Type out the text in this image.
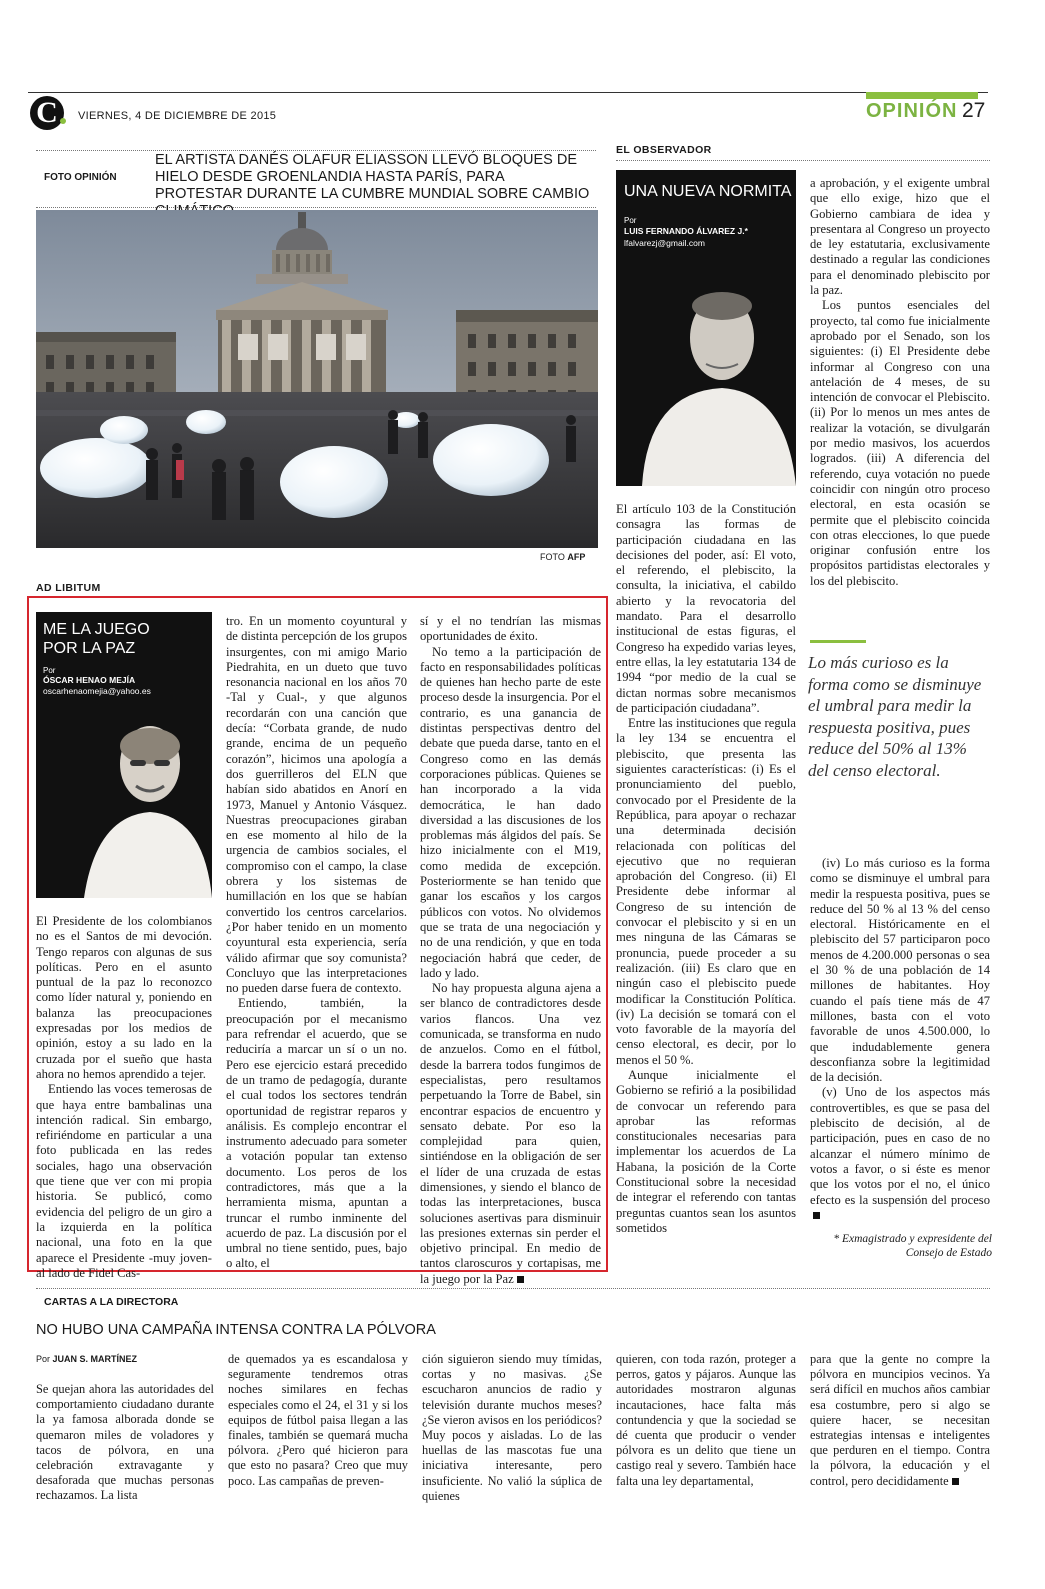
C	VIERNES, 4 DE DICIEMBRE DE 2015	OPINIÓN 27
FOTO OPINIÓN
EL ARTISTA DANÉS OLAFUR ELIASSON LLEVÓ BLOQUES DE HIELO DESDE GROENLANDIA HASTA PARÍS, PARA PROTESTAR DURANTE LA CUMBRE MUNDIAL SOBRE CAMBIO
FOTO AFP
AD LIBITUM
ME LA JUEGO POR LA PAZ
Por
ÓSCAR HENAO MEJÍA
oscarhenaomejia@yahoo.es

El Presidente de los colombianos no es el Santos de mi devoción. Tengo reparos con algunas de sus políticas. Pero en el asunto puntual de la paz lo reconozco como líder natural y, poniendo en balanza las preocupaciones expresadas por los medios de opinión, estoy a su lado en la cruzada por el sueño que hasta ahora no hemos aprendido a tejer.

Entiendo las voces temerosas de que haya entre bambalinas una intención radical. Sin embargo, refiriéndome en particular a una foto publicada en las redes sociales, hago una observación que tiene que ver con mi propia historia. Se publicó, como evidencia del peligro de un giro a la izquierda en la política nacional, una foto en la que aparece el Presidente -muy joven- al lado de Fidel Cas-

tro. En un momento coyuntural y de distinta percepción de los grupos insurgentes, con mi amigo Mario Piedrahita, en un dueto que tuvo resonancia nacional en los años 70 -Tal y Cual-, y que algunos recordarán con una canción que decía: “Corbata grande, de nudo grande, encima de un pequeño corazón”, hicimos una apología a dos guerrilleros del ELN que habían sido abatidos en Anorí en 1973, Manuel y Antonio Vásquez. Nuestras preocupaciones giraban en ese momento al hilo de la urgencia de cambios sociales, el compromiso con el campo, la clase obrera y los sistemas de humillación en los que se habían convertido los centros carcelarios. ¿Por haber tenido en un momento coyuntural esta experiencia, sería válido afirmar que soy comunista? Concluyo que las interpretaciones no pueden darse fuera de contexto.

Entiendo, también, la preocupación por el mecanismo para refrendar el acuerdo, que se reduciría a marcar un sí o un no. Pero ese ejercicio estará precedido de un tramo de pedagogía, durante el cual todos los sectores tendrán oportunidad de registrar reparos y análisis. Es complejo encontrar el instrumento adecuado para someter a votación popular tan extenso documento. Los peros de los contradictores, más que a la herramienta misma, apuntan a truncar el rumbo inminente del acuerdo de paz. La discusión por el umbral no tiene sentido, pues, bajo o alto, el

sí y el no tendrían las mismas oportunidades de éxito.

No temo a la participación de facto en responsabilidades políticas de quienes han hecho parte de este proceso desde la insurgencia. Por el contrario, es una ganancia de distintas perspectivas dentro del debate que pueda darse, tanto en el Congreso como en las demás corporaciones públicas. Quienes se han incorporado a la vida democrática, le han dado diversidad a las discusiones de los problemas más álgidos del país. Se hizo inicialmente con el M19, como medida de excepción. Posteriormente se han tenido que ganar los escaños y los cargos públicos con votos. No olvidemos que se trata de una negociación y no de una rendición, y que en toda negociación habrá que ceder, de lado y lado.

No hay propuesta alguna ajena a ser blanco de contradictores desde varios flancos. Una vez comunicada, se transforma en nudo de anzuelos. Como en el fútbol, desde la barrera todos fungimos de especialistas, pero resultamos perpetuando la Torre de Babel, sin encontrar espacios de encuentro y sensato debate. Por eso la complejidad para quien, sintiéndose en la obligación de ser el líder de una cruzada de estas dimensiones, y siendo el blanco de todas las interpretaciones, busca soluciones asertivas para disminuir las presiones externas sin perder el objetivo principal. En medio de tantos claroscuros y cortapisas, me la juego por la Paz

EL OBSERVADOR
UNA NUEVA NORMITA
Por
LUIS FERNANDO ÁLVAREZ J.*
lfalvarezj@gmail.com

El artículo 103 de la Constitución consagra las formas de participación ciudadana en las decisiones del poder, así: El voto, el referendo, el plebiscito, la consulta, la iniciativa, el cabildo abierto y la revocatoria del mandato. Para el desarrollo institucional de estas figuras, el Congreso ha expedido varias leyes, entre ellas, la ley estatutaria 134 de 1994 “por medio de la cual se dictan normas sobre mecanismos de participación ciudadana”.

Entre las instituciones que regula la ley 134 se encuentra el plebiscito, que presenta las siguientes características: (i) Es el pronunciamiento del pueblo, convocado por el Presidente de la República, para apoyar o rechazar una determinada decisión relacionada con políticas del ejecutivo que no requieran aprobación del Congreso. (ii) El Presidente debe informar al Congreso de su intención de convocar el plebiscito y si en un mes ninguna de las Cámaras se pronuncia, puede proceder a su realización. (iii) Es claro que en ningún caso el plebiscito puede modificar la Constitución Política. (iv) La decisión se tomará con el voto favorable de la mayoría del censo electoral, es decir, por lo menos el 50 %.

Aunque inicialmente el Gobierno se refirió a la posibilidad de convocar un referendo para aprobar las reformas constitucionales necesarias para implementar los acuerdos de La Habana, la posición de la Corte Constitucional sobre la necesidad de integrar el referendo con tantas preguntas cuantos sean los asuntos sometidos

a aprobación, y el exigente umbral que ello exige, hizo que el Gobierno cambiara de idea y presentara al Congreso un proyecto de ley estatutaria, exclusivamente destinado a regular las condiciones para el denominado plebiscito por la paz.

Los puntos esenciales del proyecto, tal como fue inicialmente aprobado por el Senado, son los siguientes: (i) El Presidente debe informar al Congreso con una antelación de 4 meses, de su intención de convocar el Plebiscito. (ii) Por lo menos un mes antes de realizar la votación, se divulgarán por medio masivos, los acuerdos logrados. (iii) A diferencia del referendo, cuya votación no puede coincidir con ningún otro proceso electoral, en esta ocasión se permite que el plebiscito coincida con otras elecciones, lo que puede originar confusión entre los propósitos partidistas electorales y los del plebiscito.

Lo más curioso es la forma como se disminuye el umbral para medir la respuesta positiva, pues reduce del 50% al 13% del censo electoral.

(iv) Lo más curioso es la forma como se disminuye el umbral para medir la respuesta positiva, pues se reduce del 50 % al 13 % del censo electoral. Históricamente en el plebiscito del 57 participaron poco menos de 4.200.000 personas o sea el 30 % de una población de 14 millones de habitantes. Hoy cuando el país tiene más de 47 millones, basta con el voto favorable de unos 4.500.000, lo que indudablemente genera desconfianza sobre la legitimidad de la decisión.

(v) Uno de los aspectos más controvertibles, es que se pasa del plebiscito de decisión, al de participación, pues en caso de no alcanzar el número mínimo de votos a favor, o si éste es menor que los votos por el no, el único efecto es la suspensión del proceso

* Exmagistrado y expresidente del Consejo de Estado
CARTAS A LA DIRECTORA
NO HUBO UNA CAMPAÑA INTENSA CONTRA LA PÓLVORA
Por JUAN S. MARTÍNEZ
Se quejan ahora las autoridades del comportamiento ciudadano durante la ya famosa alborada donde se quemaron miles de voladores y tacos de pólvora, en una celebración extravagante y desaforada que muchas personas rechazamos. La lista
de quemados ya es escandalosa y seguramente tendremos otras noches similares en fechas especiales como el 24, el 31 y si los equipos de fútbol paisa llegan a las finales, también se quemará mucha pólvora. ¿Pero qué hicieron para que esto no pasara? Creo que muy poco. Las campañas de preven-
ción siguieron siendo muy tímidas, cortas y no masivas. ¿Se escucharon anuncios de radio y televisión durante muchos meses? ¿Se vieron avisos en los periódicos? Muy pocos y aisladas. Lo de las huellas de las mascotas fue una iniciativa interesante, pero insuficiente. No valió la súplica de quienes
quieren, con toda razón, proteger a perros, gatos y pájaros. Aunque las autoridades mostraron algunas incautaciones, hace falta más contundencia y que la sociedad se dé cuenta que producir o vender pólvora es un delito que tiene un castigo real y severo. También hace falta una ley departamental,
para que la gente no compre la pólvora en muncipios vecinos. Ya será difícil en muchos años cambiar esa costumbre, pero si algo se quiere hacer, se necesitan estrategias intensas e inteligentes que perduren en el tiempo. Contra la pólvora, la educación y el control, pero decididamente
